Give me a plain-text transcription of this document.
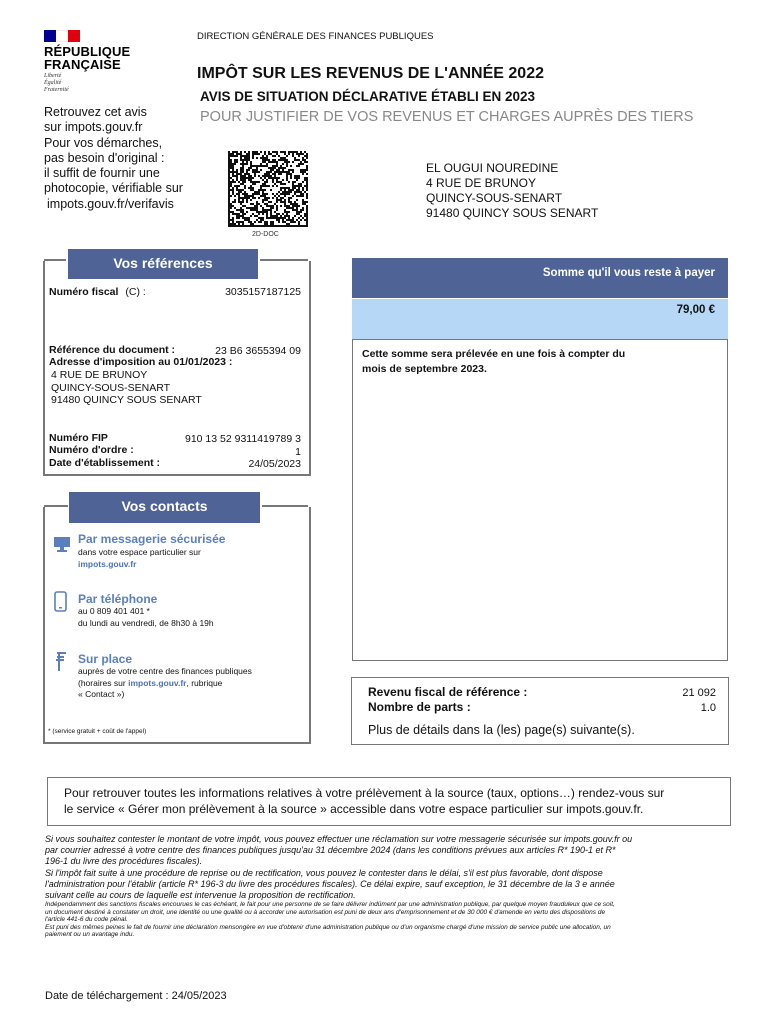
RÉPUBLIQUE
FRANÇAISE
Liberté
Égalité
Fraternité
DIRECTION GÉNÉRALE DES FINANCES PUBLIQUES
IMPÔT SUR LES REVENUS DE L'ANNÉE 2022
AVIS DE SITUATION DÉCLARATIVE ÉTABLI EN 2023
POUR JUSTIFIER DE VOS REVENUS ET CHARGES AUPRÈS DES TIERS
Retrouvez cet avis
sur impots.gouv.fr
Pour vos démarches,
pas besoin d'original :
il suffit de fournir une
photocopie, vérifiable sur
impots.gouv.fr/verifavis
2D-DOC
EL OUGUI NOUREDINE
4 RUE DE BRUNOY
QUINCY-SOUS-SENART
91480 QUINCY SOUS SENART
Vos références
Numéro fiscal (C) :	3035157187125
Référence du document :	23 B6 3655394 09
Adresse d'imposition au 01/01/2023 :
4 RUE DE BRUNOY
QUINCY-SOUS-SENART
91480 QUINCY SOUS SENART
Numéro FIP	910 13 52 9311419789 3
Numéro d'ordre :	1
Date d'établissement :	24/05/2023
Vos contacts
Par messagerie sécurisée
dans votre espace particulier sur
impots.gouv.fr
Par téléphone
au 0 809 401 401 *
du lundi au vendredi, de 8h30 à 19h
Sur place
auprès de votre centre des finances publiques
(horaires sur impots.gouv.fr, rubrique
« Contact »)
* (service gratuit + coût de l'appel)
Somme qu'il vous reste à payer
79,00 €
Cette somme sera prélevée en une fois à compter du
mois de septembre 2023.
Revenu fiscal de référence :	21 092
Nombre de parts :	1.0
Plus de détails dans la (les) page(s) suivante(s).
Pour retrouver toutes les informations relatives à votre prélèvement à la source (taux, options…) rendez-vous sur
le service « Gérer mon prélèvement à la source » accessible dans votre espace particulier sur impots.gouv.fr.

Si vous souhaitez contester le montant de votre impôt, vous pouvez effectuer une réclamation sur votre messagerie sécurisée sur impots.gouv.fr ou

par courrier adressé à votre centre des finances publiques jusqu'au 31 décembre 2024 (dans les conditions prévues aux articles R* 190-1 et R*

196-1 du livre des procédures fiscales).

Si l'impôt fait suite à une procédure de reprise ou de rectification, vous pouvez le contester dans le délai, s'il est plus favorable, dont dispose

l'administration pour l'établir (article R* 196-3 du livre des procédures fiscales). Ce délai expire, sauf exception, le 31 décembre de la 3 e année

suivant celle au cours de laquelle est intervenue la proposition de rectification.

Indépendamment des sanctions fiscales encourues le cas échéant, le fait pour une personne de se faire délivrer indûment par une administration publique, par quelque moyen frauduleux que ce soit,

un document destiné à constater un droit, une identité ou une qualité ou à accorder une autorisation est puni de deux ans d'emprisonnement et de 30 000 € d'amende en vertu des dispositions de

l'article 441-6 du code pénal.

Est puni des mêmes peines le fait de fournir une déclaration mensongère en vue d'obtenir d'une administration publique ou d'un organisme chargé d'une mission de service public une allocation, un

paiement ou un avantage indu.

Date de téléchargement : 24/05/2023
